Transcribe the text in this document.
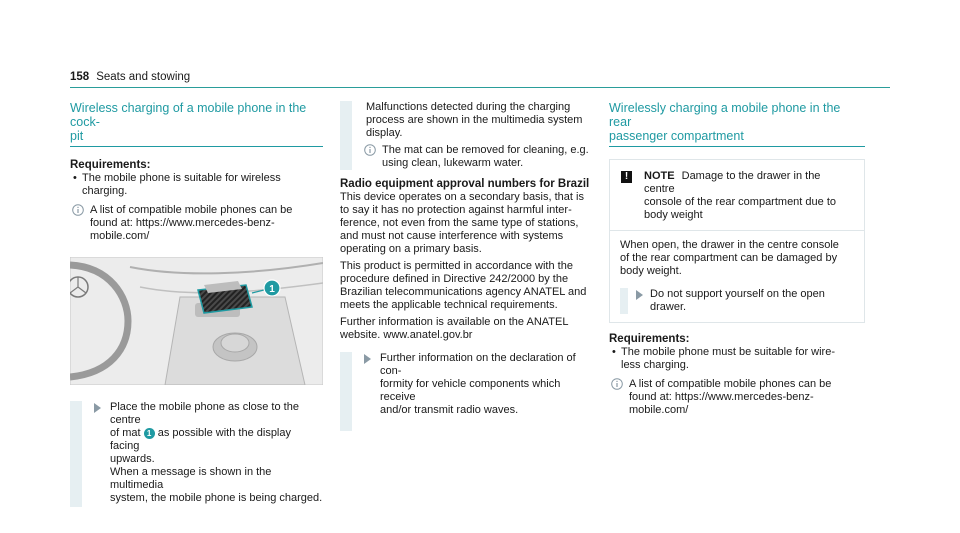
158 Seats and stowing
Wireless charging of a mobile phone in the cock-
pit
Requirements:
• The mobile phone is suitable for wireless
charging.
A list of compatible mobile phones can be
found at: https://www.mercedes-benz-
mobile.com/
1
Place the mobile phone as close to the centre
of mat 1 as possible with the display facing
upwards.
When a message is shown in the multimedia
system, the mobile phone is being charged.
Malfunctions detected during the charging
process are shown in the multimedia system
display.
The mat can be removed for cleaning, e.g.
using clean, lukewarm water.
Radio equipment approval numbers for Brazil
This device operates on a secondary basis, that is
to say it has no protection against harmful inter-
ference, not even from the same type of stations,
and must not cause interference with systems
operating on a primary basis.
This product is permitted in accordance with the
procedure defined in Directive 242/2000 by the
Brazilian telecommunications agency ANATEL and
meets the applicable technical requirements.
Further information is available on the ANATEL
website. www.anatel.gov.br
Further information on the declaration of con-
formity for vehicle components which receive
and/or transmit radio waves.
Wirelessly charging a mobile phone in the rear
passenger compartment
!	NOTE Damage to the drawer in the centre
console of the rear compartment due to
body weight
When open, the drawer in the centre console
of the rear compartment can be damaged by
body weight.
Do not support yourself on the open
drawer.
Requirements:
• The mobile phone must be suitable for wire-
less charging.
A list of compatible mobile phones can be
found at: https://www.mercedes-benz-
mobile.com/
